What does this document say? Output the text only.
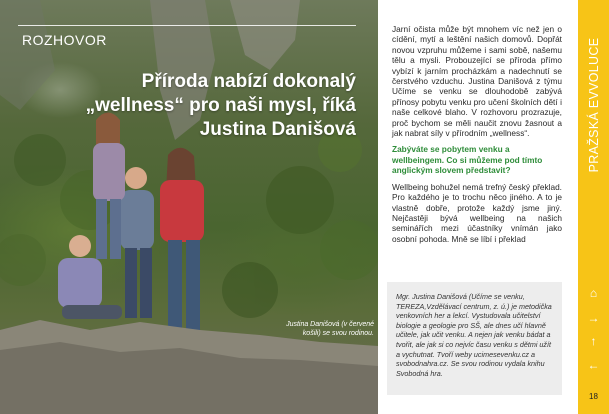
ROZHOVOR
Příroda nabízí dokonalý „wellness“ pro naši mysl, říká Justina Danišová
Justina Danišová (v červené košili) se svou rodinou.

Jarní očista může být mnohem víc než jen o cídění, mytí a leštění našich domovů. Dopřát novou vzpruhu můžeme i sami sobě, našemu tělu a mysli. Probouzející se příroda přímo vybízí k jarním procházkám a nadechnutí se čerstvého vzduchu. Justina Danišová z týmu Učíme se venku se dlouhodobě zabývá přínosy pobytu venku pro učení školních dětí i naše celkové blaho. V rozhovoru prozrazuje, proč bychom se měli naučit znovu žasnout a jak nabrat síly v přírodním „wellness“.

Zabýváte se pobytem venku a wellbeingem. Co si můžeme pod tímto anglickým slovem představit?

Wellbeing bohužel nemá trefný český překlad. Pro každého je to trochu něco jiného. A to je vlastně dobře, protože každý jsme jiný. Nejčastěji bývá wellbeing na našich seminářích mezi účastníky vnímán jako osobní pohoda. Mně se líbí i překlad

Mgr. Justina Danišová (Učíme se venku, TEREZA,Vzdělávací centrum, z. ú.) je metodička venkovních her a lekcí. Vystudovala učitelství biologie a geologie pro SŠ, ale dnes učí hlavně učitele, jak učit venku. A nejen jak venku bádat a tvořit, ale jak si co nejvíc času venku s dětmi užít a vychutnat. Tvoří weby ucimesevenku.cz a svobodnahra.cz. Se svou rodinou vydala knihu Svobodná hra.

PRAŽSKÁ EVVOLUCE
⌂
→
↑
←
18
